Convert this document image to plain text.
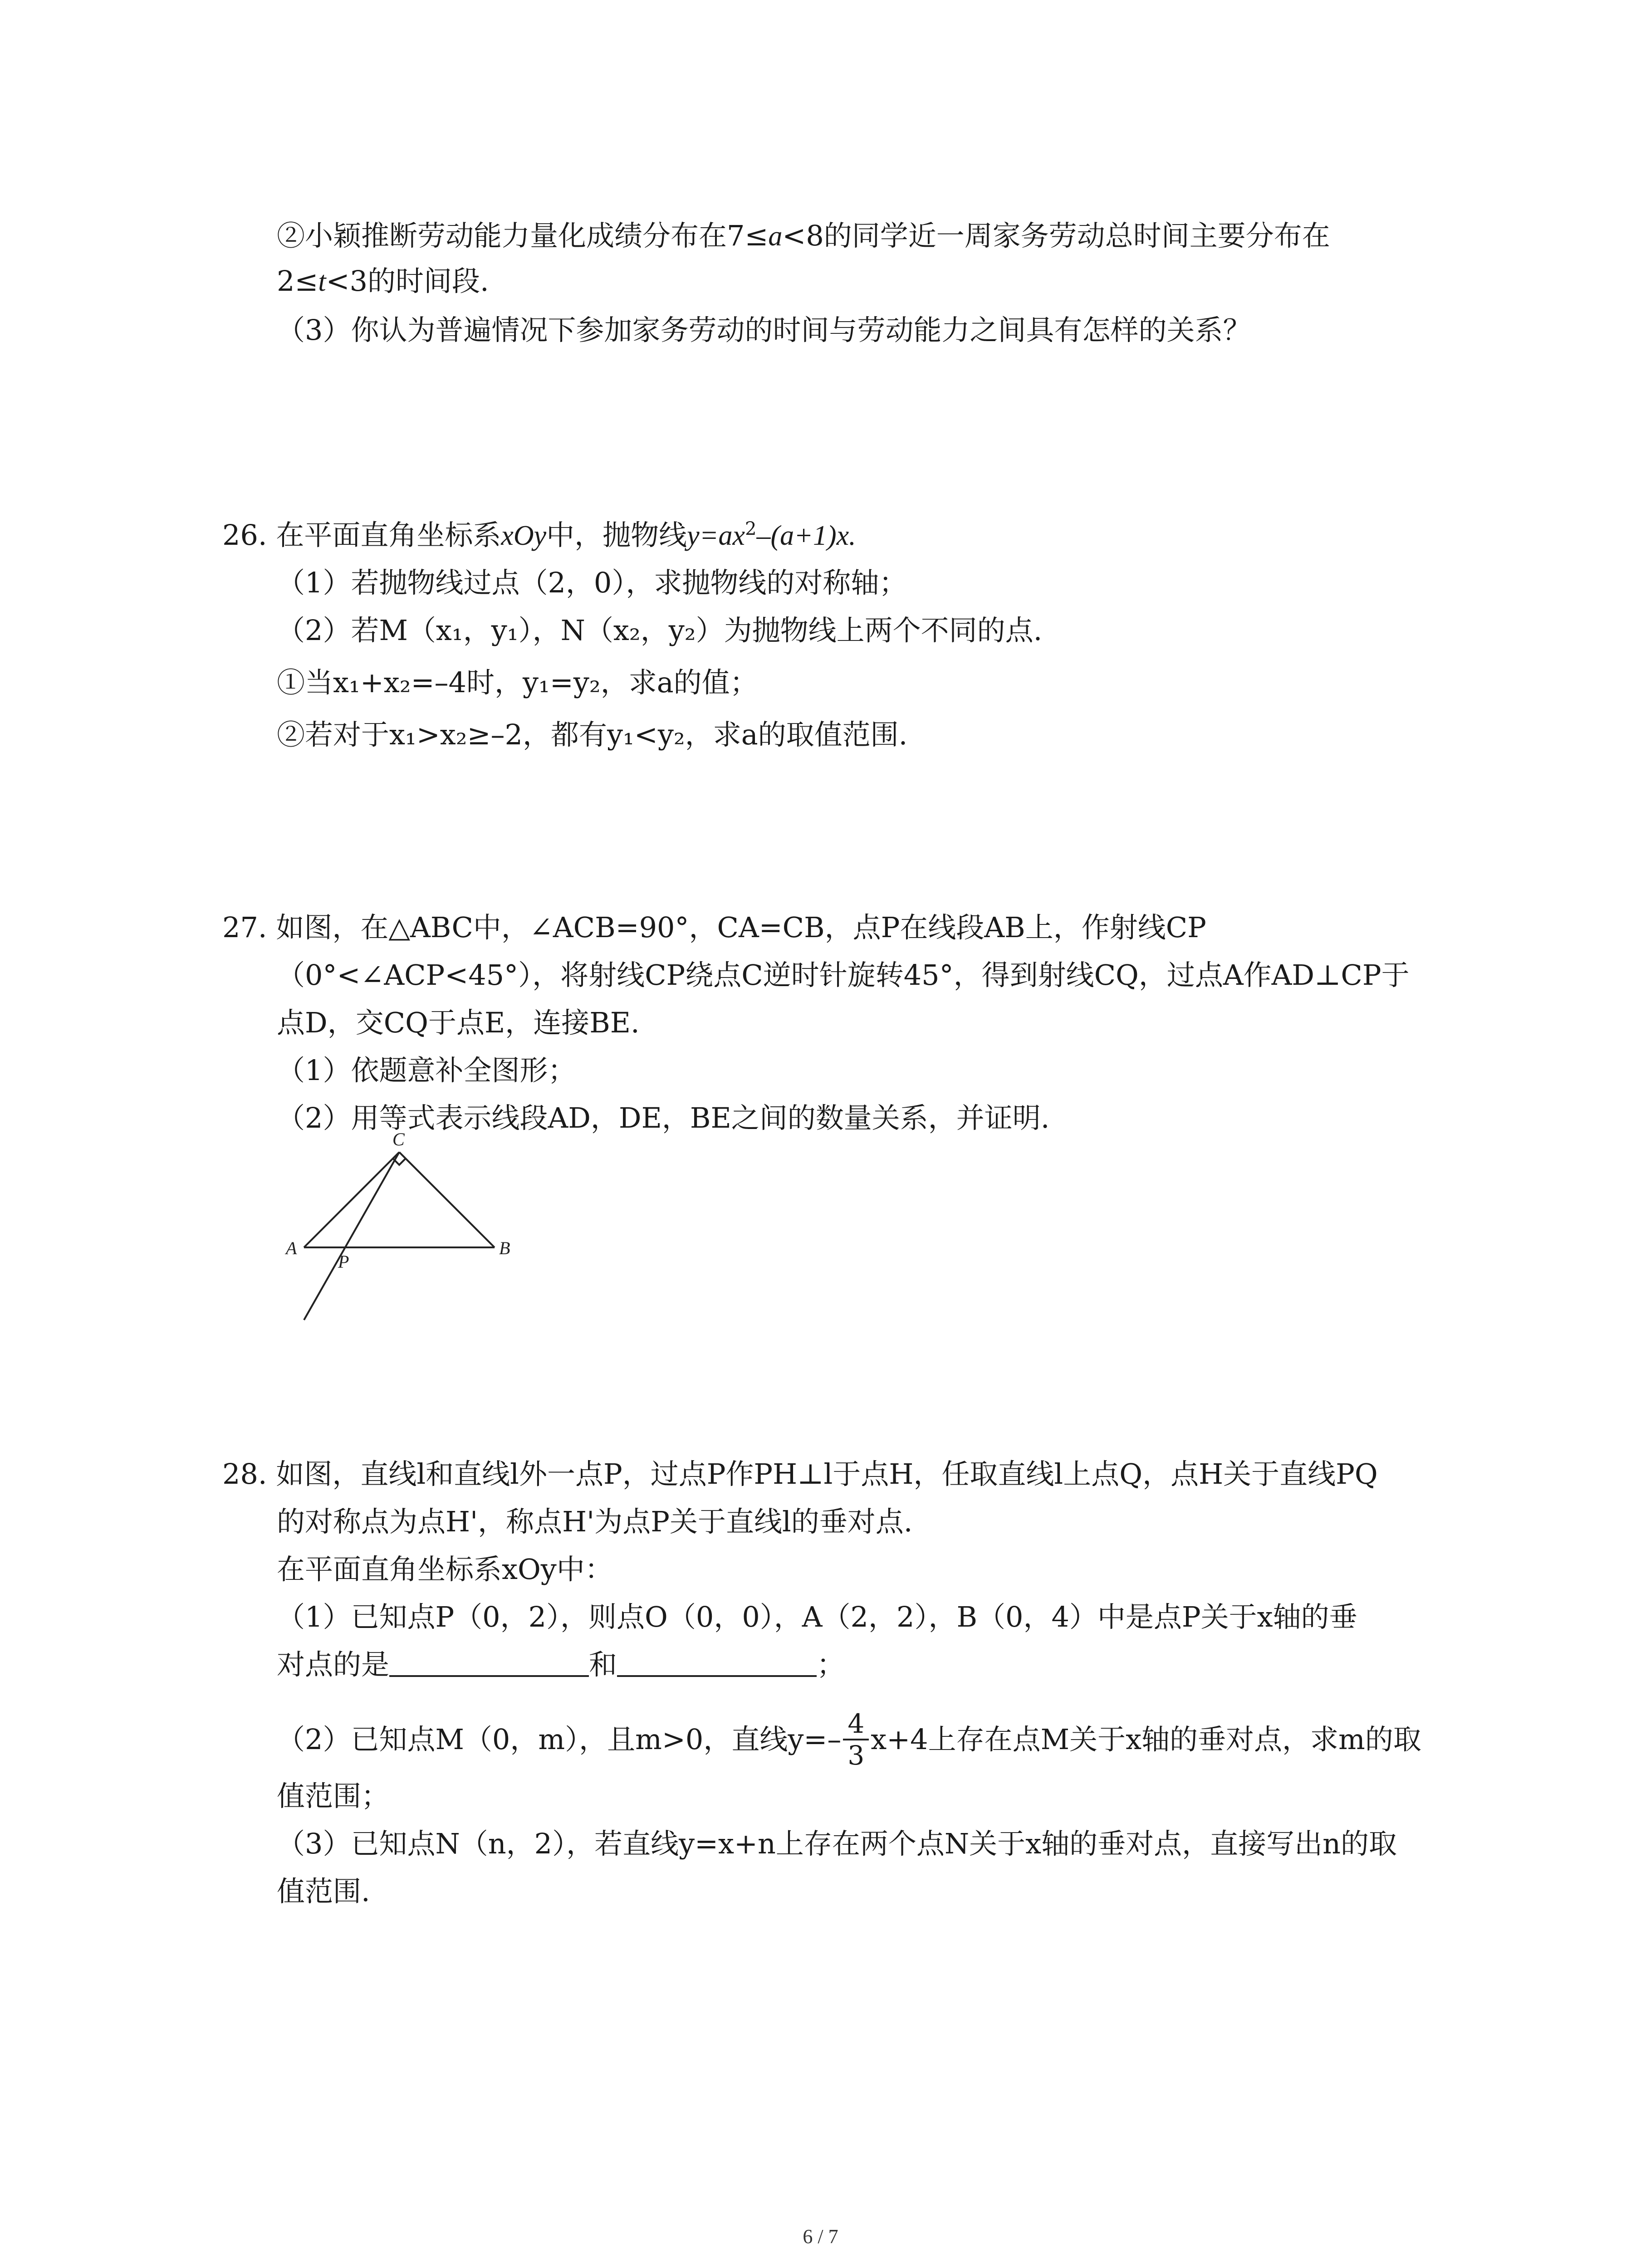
②小颖推断劳动能力量化成绩分布在7≤a<8的同学近一周家务劳动总时间主要分布在
2≤t<3的时间段.
（3）你认为普遍情况下参加家务劳动的时间与劳动能力之间具有怎样的关系？
26. 在平面直角坐标系xOy中，抛物线$y=ax^2-(a+1)x$.
（1）若抛物线过点（2，0），求抛物线的对称轴；
（2）若M（x₁，y₁），N（x₂，y₂）为抛物线上两个不同的点.
①当x₁+x₂=–4时，y₁=y₂，求a的值；
②若对于x₁>x₂≥–2，都有y₁<y₂，求a的取值范围.
27. 如图，在△ABC中，∠ACB=90°，CA=CB，点P在线段AB上，作射线CP
（0°<∠ACP<45°），将射线CP绕点C逆时针旋转45°，得到射线CQ，过点A作AD⊥CP于
点D，交CQ于点E，连接BE.
（1）依题意补全图形；
（2）用等式表示线段AD，DE，BE之间的数量关系，并证明.
C
A	B
P
28. 如图，直线l和直线l外一点P，过点P作PH⊥l于点H，任取直线l上点Q，点H关于直线PQ
的对称点为点H'，称点H'为点P关于直线l的垂对点.
在平面直角坐标系xOy中：
（1）已知点P（0，2），则点O（0，0），A（2，2），B（0，4）中是点P关于x轴的垂
对点的是	和	；
（2）已知点M（0，m），且m>0，直线$y=- \frac{4}{3} x+4$上存在点M关于x轴的垂对点，求m的取
值范围；
（3）已知点N（n，2），若直线y=x+n上存在两个点N关于x轴的垂对点，直接写出n的取
值范围.
6 / 7
